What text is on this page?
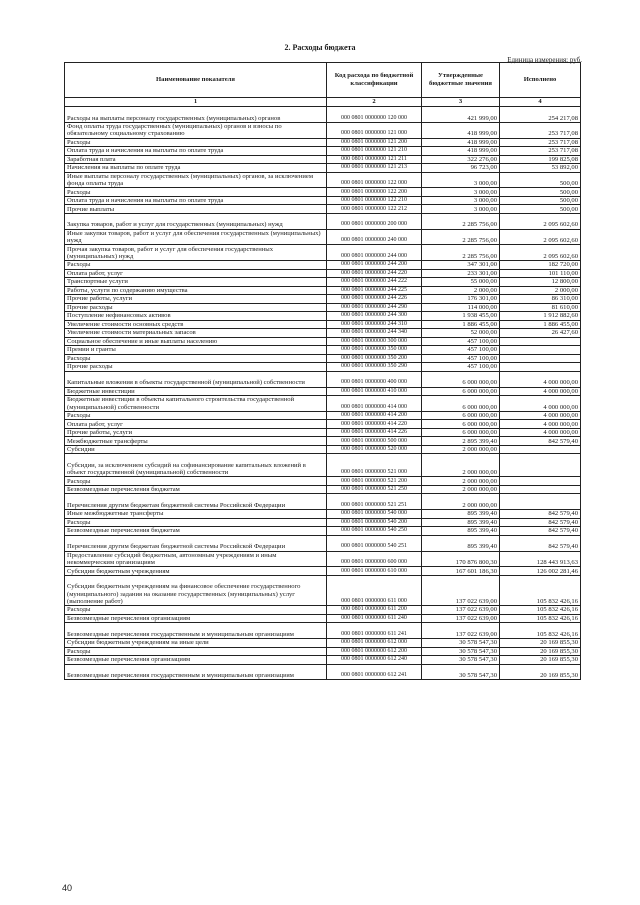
2. Расходы бюджета
Единица измерения: руб.
Наименование показателя	Код расхода по бюджетной классификации	Утвержденные бюджетные значения	Исполнено
1	2	3	4
Расходы на выплаты персоналу государственных (муниципальных) органов	000 0801 0000000 120 000	421 999,00	254 217,08
Фонд оплаты труда государственных (муниципальных) органов и взносы по обязательному социальному страхованию	000 0801 0000000 121 000	418 999,00	253 717,08
Расходы	000 0801 0000000 121 200	418 999,00	253 717,08
Оплата труда и начисления на выплаты по оплате труда	000 0801 0000000 121 210	418 999,00	253 717,08
Заработная плата	000 0801 0000000 121 211	322 276,00	199 825,08
Начисления на выплаты по оплате труда	000 0801 0000000 121 213	96 723,00	53 892,00
Иные выплаты персоналу государственных (муниципальных) органов, за исключением фонда оплаты труда	000 0801 0000000 122 000	3 000,00	500,00
Расходы	000 0801 0000000 122 200	3 000,00	500,00
Оплата труда и начисления на выплаты по оплате труда	000 0801 0000000 122 210	3 000,00	500,00
Прочие выплаты	000 0801 0000000 122 212	3 000,00	500,00
Закупка товаров, работ и услуг для государственных (муниципальных) нужд	000 0801 0000000 200 000	2 285 756,00	2 095 602,60
Иные закупки товаров, работ и услуг для обеспечения государственных (муниципальных) нужд	000 0801 0000000 240 000	2 285 756,00	2 095 602,60
Прочая закупка товаров, работ и услуг для обеспечения государственных (муниципальных) нужд	000 0801 0000000 244 000	2 285 756,00	2 095 602,60
Расходы	000 0801 0000000 244 200	347 301,00	182 720,00
Оплата работ, услуг	000 0801 0000000 244 220	233 301,00	101 110,00
Транспортные услуги	000 0801 0000000 244 222	55 000,00	12 800,00
Работы, услуги по содержанию имущества	000 0801 0000000 244 225	2 000,00	2 000,00
Прочие работы, услуги	000 0801 0000000 244 226	176 301,00	86 310,00
Прочие расходы	000 0801 0000000 244 290	114 000,00	81 610,00
Поступление нефинансовых активов	000 0801 0000000 244 300	1 938 455,00	1 912 882,60
Увеличение стоимости основных средств	000 0801 0000000 244 310	1 886 455,00	1 886 455,00
Увеличение стоимости материальных запасов	000 0801 0000000 244 340	52 000,00	26 427,60
Социальное обеспечение и иные выплаты населению	000 0801 0000000 300 000	457 100,00	
Премии и гранты	000 0801 0000000 350 000	457 100,00	
Расходы	000 0801 0000000 350 200	457 100,00	
Прочие расходы	000 0801 0000000 350 290	457 100,00	
Капитальные вложения в объекты государственной (муниципальной) собственности	000 0801 0000000 400 000	6 000 000,00	4 000 000,00
Бюджетные инвестиции	000 0801 0000000 410 000	6 000 000,00	4 000 000,00
Бюджетные инвестиции в объекты капитального строительства государственной (муниципальной) собственности	000 0801 0000000 414 000	6 000 000,00	4 000 000,00
Расходы	000 0801 0000000 414 200	6 000 000,00	4 000 000,00
Оплата работ, услуг	000 0801 0000000 414 220	6 000 000,00	4 000 000,00
Прочие работы, услуги	000 0801 0000000 414 226	6 000 000,00	4 000 000,00
Межбюджетные трансферты	000 0801 0000000 500 000	2 895 399,40	842 579,40
Субсидии	000 0801 0000000 520 000	2 000 000,00	
Субсидии, за исключением субсидий на софинансирование капитальных вложений в объект государственной (муниципальной) собственности	000 0801 0000000 521 000	2 000 000,00	
Расходы	000 0801 0000000 521 200	2 000 000,00	
Безвозмездные перечисления бюджетам	000 0801 0000000 521 250	2 000 000,00	
Перечисления другим бюджетам бюджетной системы Российской Федерации	000 0801 0000000 521 251	2 000 000,00	
Иные межбюджетные трансферты	000 0801 0000000 540 000	895 399,40	842 579,40
Расходы	000 0801 0000000 540 200	895 399,40	842 579,40
Безвозмездные перечисления бюджетам	000 0801 0000000 540 250	895 399,40	842 579,40
Перечисления другим бюджетам бюджетной системы Российской Федерации	000 0801 0000000 540 251	895 399,40	842 579,40
Предоставление субсидий бюджетным, автономным учреждениям и иным некоммерческим организациям	000 0801 0000000 600 000	170 876 800,30	128 443 913,63
Субсидии бюджетным учреждениям	000 0801 0000000 610 000	167 601 186,30	126 002 281,46
Субсидии бюджетным учреждениям на финансовое обеспечение государственного (муниципального) задания на оказание государственных (муниципальных) услуг (выполнение работ)	000 0801 0000000 611 000	137 022 639,00	105 832 426,16
Расходы	000 0801 0000000 611 200	137 022 639,00	105 832 426,16
Безвозмездные перечисления организациям	000 0801 0000000 611 240	137 022 639,00	105 832 426,16
Безвозмездные перечисления государственным и муниципальным организациям	000 0801 0000000 611 241	137 022 639,00	105 832 426,16
Субсидии бюджетным учреждениям на иные цели	000 0801 0000000 612 000	30 578 547,30	20 169 855,30
Расходы	000 0801 0000000 612 200	30 578 547,30	20 169 855,30
Безвозмездные перечисления организациям	000 0801 0000000 612 240	30 578 547,30	20 169 855,30
Безвозмездные перечисления государственным и муниципальным организациям	000 0801 0000000 612 241	30 578 547,30	20 169 855,30
40
